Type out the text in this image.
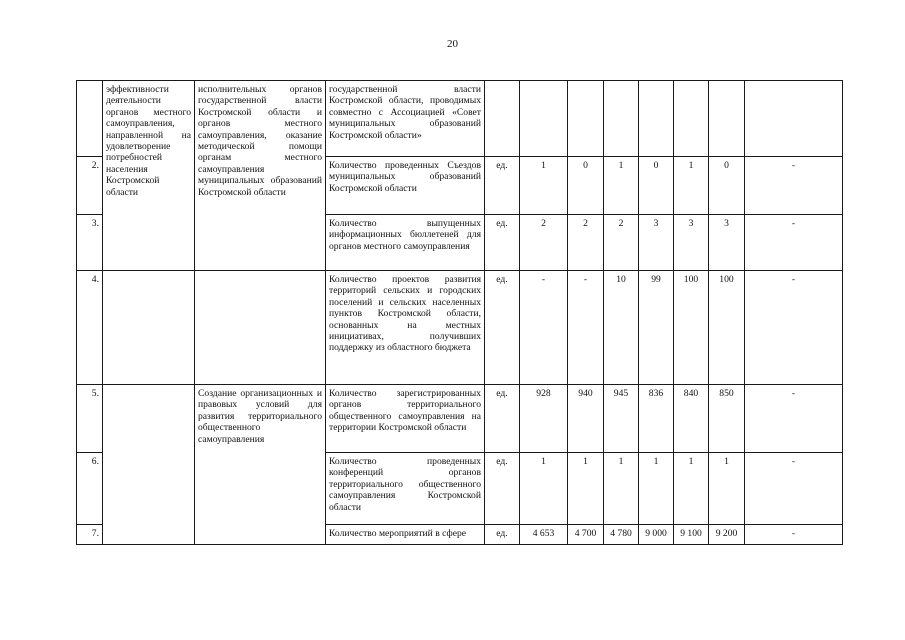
20
	эффективности деятельности органов местного самоуправления, направленной на удовлетворение потребностей населения Костромской области	исполнительных органов государственной власти Костромской области и органов местного самоуправления, оказание методической помощи органам местного самоуправления муниципальных образований Костромской области	государственной власти Костромской области, проводимых совместно с Ассоциацией «Совет муниципальных образований Костромской области»								
2.			Количество проведенных Съездов муниципальных образований Костромской области	ед.	1	0	1	0	1	0	-
3.			Количество выпущенных информационных бюллетеней для органов местного самоуправления	ед.	2	2	2	3	3	3	-
4.			Количество проектов развития территорий сельских и городских поселений и сельских населенных пунктов Костромской области, основанных на местных инициативах, получивших поддержку из областного бюджета	ед.	-	-	10	99	100	100	-
5.		Создание организационных и правовых условий для развития территориального общественного самоуправления	Количество зарегистрированных органов территориального общественного самоуправления на территории Костромской области	ед.	928	940	945	836	840	850	-
6.			Количество проведенных конференций органов территориального общественного самоуправления Костромской области	ед.	1	1	1	1	1	1	-
7.			Количество мероприятий в сфере	ед.	4 653	4 700	4 780	9 000	9 100	9 200	-
